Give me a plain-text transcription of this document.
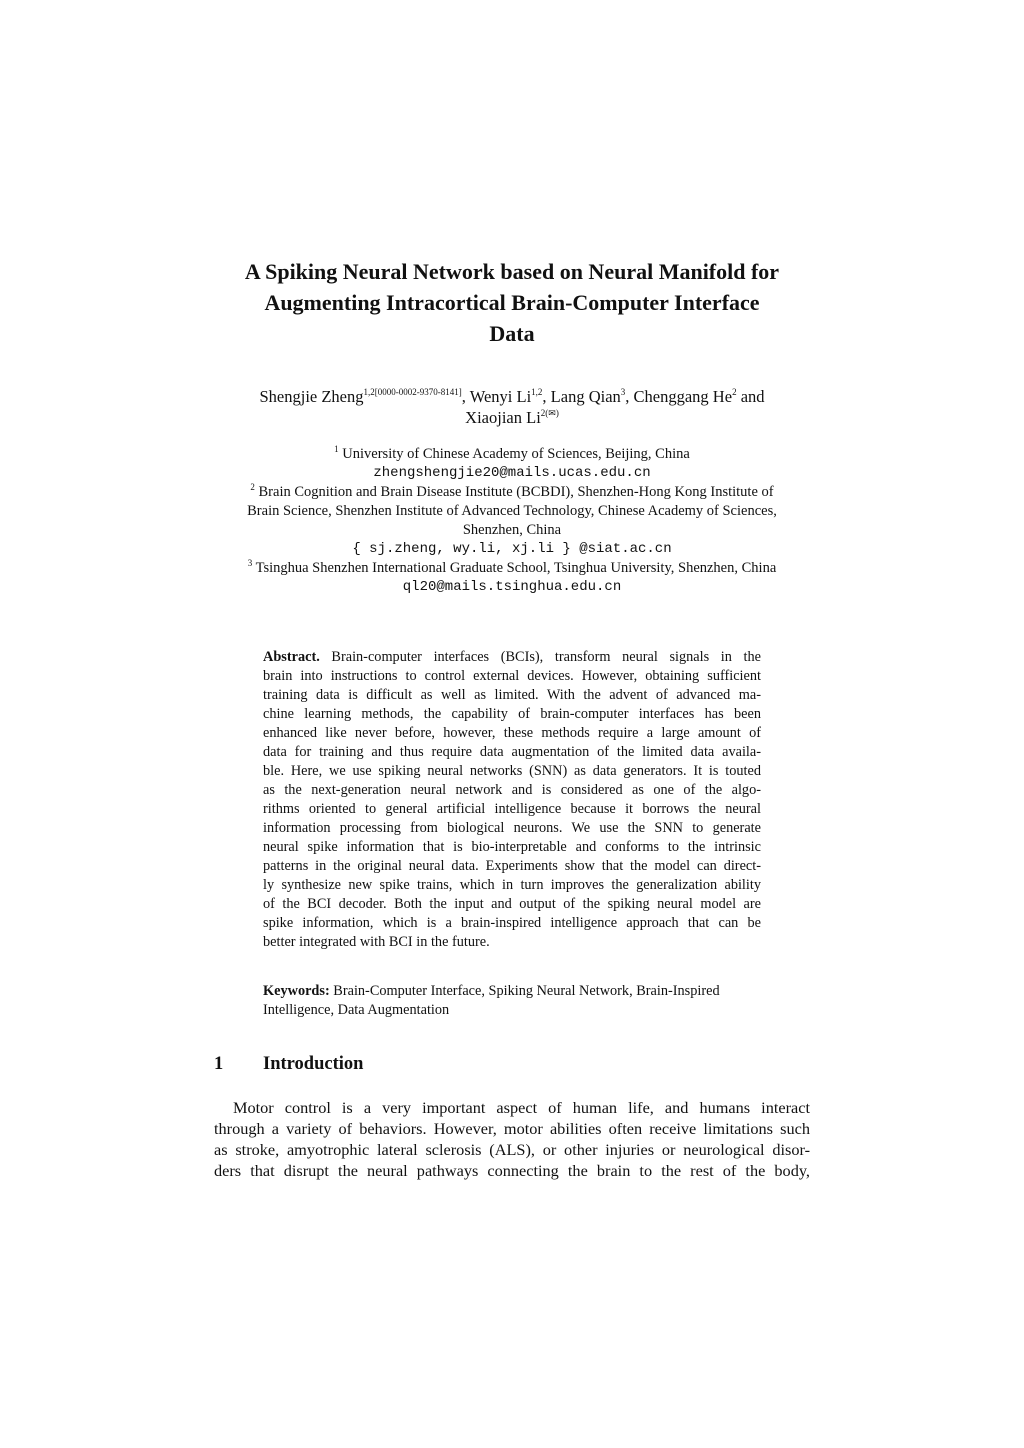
A Spiking Neural Network based on Neural Manifold for
Augmenting Intracortical Brain-Computer Interface
Data
Shengjie Zheng$^{1,2[0000-0002-9370-8141]}$, Wenyi Li$^{1,2}$, Lang Qian$^3$, Chenggang He$^2$ and
Xiaojian $Li^{2(✉)}$
$^1$ University of Chinese Academy of Sciences, Beijing, China
zhengshengjie20@mails.ucas.edu.cn
$^2$ Brain Cognition and Brain Disease Institute (BCBDI), Shenzhen-Hong Kong Institute of
Brain Science, Shenzhen Institute of Advanced Technology, Chinese Academy of Sciences,
Shenzhen, China
{ sj.zheng, wy.li, xj.li } @siat.ac.cn
$^3$ Tsinghua Shenzhen International Graduate School, Tsinghua University, Shenzhen, China
ql20@mails.tsinghua.edu.cn
Abstract. Brain-computer interfaces (BCIs), transform neural signals in the
brain into instructions to control external devices. However, obtaining sufficient
training data is difficult as well as limited. With the advent of advanced ma-
chine learning methods, the capability of brain-computer interfaces has been
enhanced like never before, however, these methods require a large amount of
data for training and thus require data augmentation of the limited data availa-
ble. Here, we use spiking neural networks (SNN) as data generators. It is touted
as the next-generation neural network and is considered as one of the algo-
rithms oriented to general artificial intelligence because it borrows the neural
information processing from biological neurons. We use the SNN to generate
neural spike information that is bio-interpretable and conforms to the intrinsic
patterns in the original neural data. Experiments show that the model can direct-
ly synthesize new spike trains, which in turn improves the generalization ability
of the BCI decoder. Both the input and output of the spiking neural model are
spike information, which is a brain-inspired intelligence approach that can be
better integrated with BCI in the future.
Keywords: Brain-Computer Interface, Spiking Neural Network, Brain-Inspired
Intelligence, Data Augmentation
1 Introduction
Motor control is a very important aspect of human life, and humans interact
through a variety of behaviors. However, motor abilities often receive limitations such
as stroke, amyotrophic lateral sclerosis (ALS), or other injuries or neurological disor-
ders that disrupt the neural pathways connecting the brain to the rest of the body,
